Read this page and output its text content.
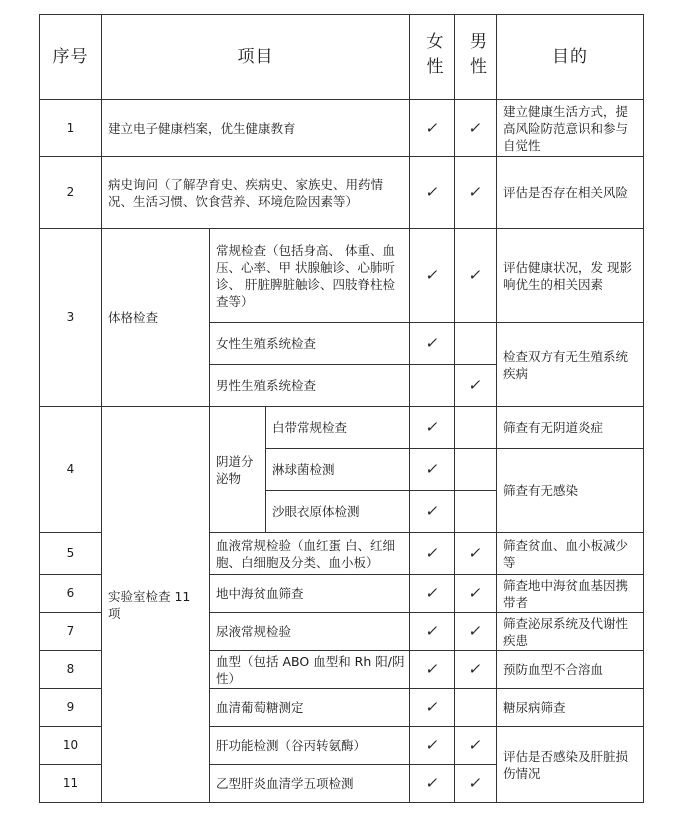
序号	项目			女性	男性	目的
1	建立电子健康档案，优生健康教育			✓	✓	建立健康生活方式，提高风险防范意识和参与自觉性
2	病史询问（了解孕育史、疾病史、家族史、用药情况、生活习惯、饮食营养、环境危险因素等）			✓	✓	评估是否存在相关风险
3	体格检查	常规检查（包括身高、 体重、血压、心率、甲 状腺触诊、心肺听诊、 肝脏脾脏触诊、四肢脊柱检查等）		✓	✓	评估健康状况，发 现影响优生的相关因素
		女性生殖系统检查		✓		检查双方有无生殖系统疾病
		男性生殖系统检查			✓	
4	实验室检查 11 项	阴道分泌物	白带常规检查	✓		筛查有无阴道炎症
			淋球菌检测	✓		筛查有无感染
			沙眼衣原体检测	✓		
5		血液常规检验（血红蛋 白、红细胞、白细胞及分类、血小板）		✓	✓	筛查贫血、血小板减少等
6		地中海贫血筛查		✓	✓	筛查地中海贫血基因携带者
7		尿液常规检验		✓	✓	筛查泌尿系统及代谢性疾患
8		血型（包括 ABO 血型和 Rh 阳/阴性）		✓	✓	预防血型不合溶血
9		血清葡萄糖测定		✓		糖尿病筛查
10		肝功能检测（谷丙转氨酶）		✓	✓	评估是否感染及肝脏损伤情况
11		乙型肝炎血清学五项检测		✓	✓	
